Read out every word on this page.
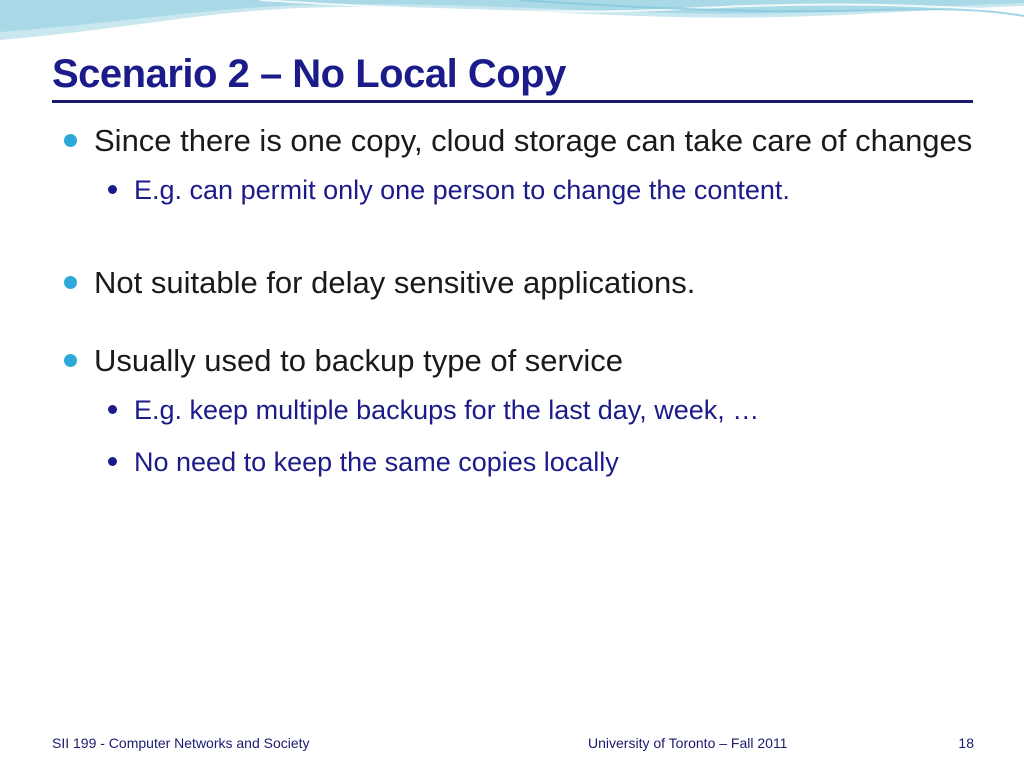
Scenario 2 – No Local Copy
Since there is one copy, cloud storage can take care of changes
E.g. can permit only one person to change the content.
Not suitable for delay sensitive applications.
Usually used to backup type of service
E.g. keep multiple backups for the last day, week, …
No need to keep the same copies locally
SII 199 - Computer Networks and Society	University of Toronto – Fall 2011	18
